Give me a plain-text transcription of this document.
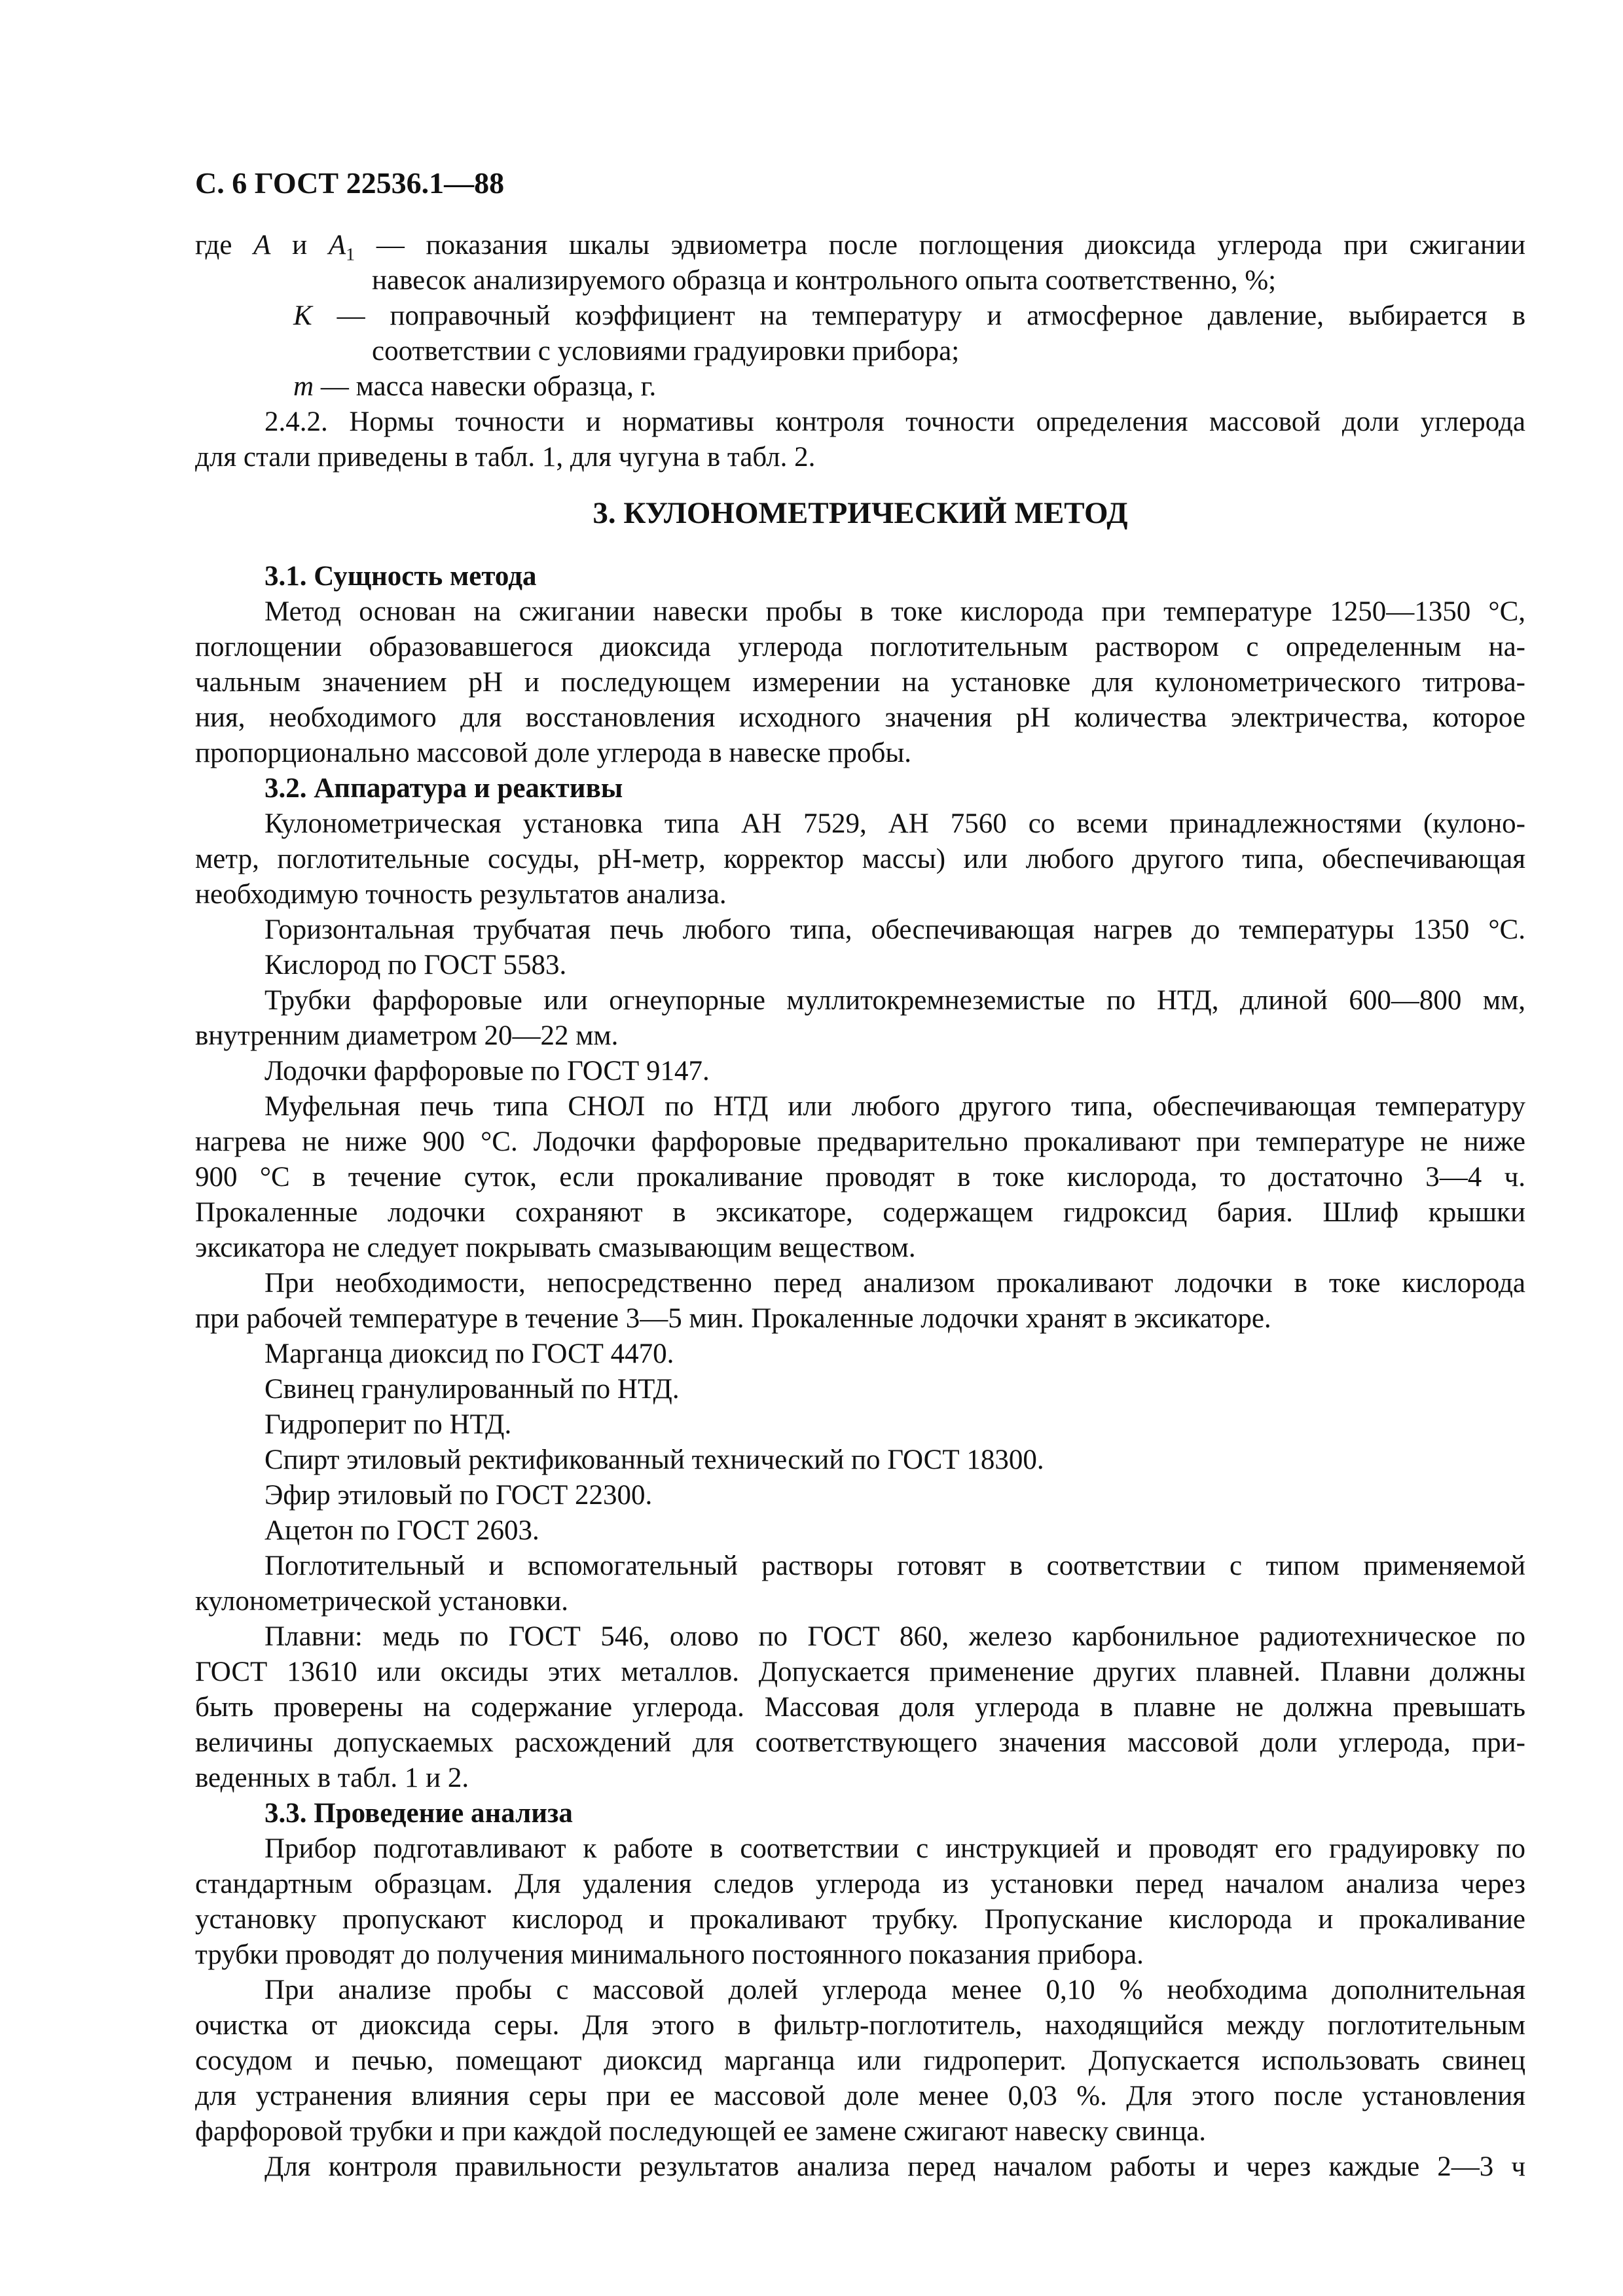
С. 6 ГОСТ 22536.1—88
где A и $A_1$ — показания шкалы эдвиометра после поглощения диоксида углерода при сжигании
навесок анализируемого образца и контрольного опыта соответственно, %;
K — поправочный коэффициент на температуру и атмосферное давление, выбирается в
соответствии с условиями градуировки прибора;
m — масса навески образца, г.
2.4.2. Нормы точности и нормативы контроля точности определения массовой доли углерода
для стали приведены в табл. 1, для чугуна в табл. 2.
3. КУЛОНОМЕТРИЧЕСКИЙ МЕТОД
3.1. Сущность метода
Метод основан на сжигании навески пробы в токе кислорода при температуре 1250—1350 °С,
поглощении образовавшегося диоксида углерода поглотительным раствором с определенным на-
чальным значением рН и последующем измерении на установке для кулонометрического титрова-
ния, необходимого для восстановления исходного значения рН количества электричества, которое
пропорционально массовой доле углерода в навеске пробы.
3.2. Аппаратура и реактивы
Кулонометрическая установка типа АН 7529, АН 7560 со всеми принадлежностями (кулоно-
метр, поглотительные сосуды, рН-метр, корректор массы) или любого другого типа, обеспечивающая
необходимую точность результатов анализа.
Горизонтальная трубчатая печь любого типа, обеспечивающая нагрев до температуры 1350 °С.
Кислород по ГОСТ 5583.
Трубки фарфоровые или огнеупорные муллитокремнеземистые по НТД, длиной 600—800 мм,
внутренним диаметром 20—22 мм.
Лодочки фарфоровые по ГОСТ 9147.
Муфельная печь типа СНОЛ по НТД или любого другого типа, обеспечивающая температуру
нагрева не ниже 900 °С. Лодочки фарфоровые предварительно прокаливают при температуре не ниже
900 °С в течение суток, если прокаливание проводят в токе кислорода, то достаточно 3—4 ч.
Прокаленные лодочки сохраняют в эксикаторе, содержащем гидроксид бария. Шлиф крышки
эксикатора не следует покрывать смазывающим веществом.
При необходимости, непосредственно перед анализом прокаливают лодочки в токе кислорода
при рабочей температуре в течение 3—5 мин. Прокаленные лодочки хранят в эксикаторе.
Марганца диоксид по ГОСТ 4470.
Свинец гранулированный по НТД.
Гидроперит по НТД.
Спирт этиловый ректификованный технический по ГОСТ 18300.
Эфир этиловый по ГОСТ 22300.
Ацетон по ГОСТ 2603.
Поглотительный и вспомогательный растворы готовят в соответствии с типом применяемой
кулонометрической установки.
Плавни: медь по ГОСТ 546, олово по ГОСТ 860, железо карбонильное радиотехническое по
ГОСТ 13610 или оксиды этих металлов. Допускается применение других плавней. Плавни должны
быть проверены на содержание углерода. Массовая доля углерода в плавне не должна превышать
величины допускаемых расхождений для соответствующего значения массовой доли углерода, при-
веденных в табл. 1 и 2.
3.3. Проведение анализа
Прибор подготавливают к работе в соответствии с инструкцией и проводят его градуировку по
стандартным образцам. Для удаления следов углерода из установки перед началом анализа через
установку пропускают кислород и прокаливают трубку. Пропускание кислорода и прокаливание
трубки проводят до получения минимального постоянного показания прибора.
При анализе пробы с массовой долей углерода менее 0,10 % необходима дополнительная
очистка от диоксида серы. Для этого в фильтр-поглотитель, находящийся между поглотительным
сосудом и печью, помещают диоксид марганца или гидроперит. Допускается использовать свинец
для устранения влияния серы при ее массовой доле менее 0,03 %. Для этого после установления
фарфоровой трубки и при каждой последующей ее замене сжигают навеску свинца.
Для контроля правильности результатов анализа перед началом работы и через каждые 2—3 ч
